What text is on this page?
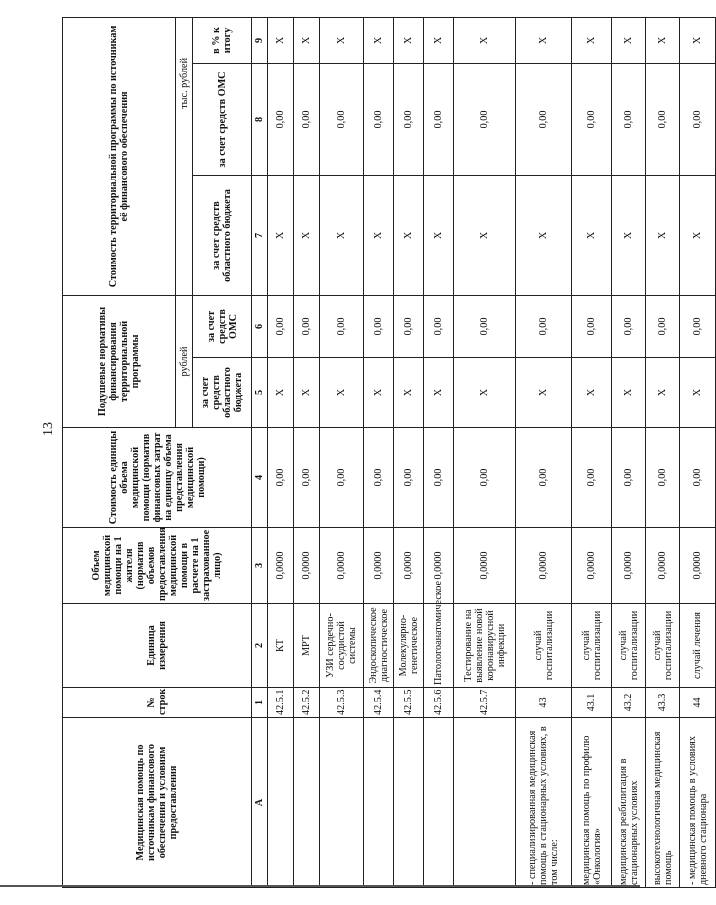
13
Медицинская помощь по источникам финансового обеспечения и условиям предоставления	№ строк	Единица измерения	Объем медицинской помощи на 1 жителя (норматив объемов предоставления медицинской помощи в расчете на 1 застрахованное лицо)	Стоимость единицы объема медицинской помощи (норматив финансовых затрат на единицу объема представления медицинской помощи)	Подушевые нормативы финансирования территориальной программы		Стоимость территориальной программы по источникам её финансового обеспечения		
					рублей		тыс. рублей		
					за счет средств областного бюджета	за счет средств ОМС	за счет средств областного бюджета	за счет средств ОМС	в % к итогу
А	1	2	3	4	5	6	7	8	9
	42.5.1	КТ	0,0000	0,00	Х	0,00	Х	0,00	Х
	42.5.2	МРТ	0,0000	0,00	Х	0,00	Х	0,00	Х
	42.5.3	УЗИ сердечно-сосудистой системы	0,0000	0,00	Х	0,00	Х	0,00	Х
	42.5.4	Эндоскопическое диагностическое	0,0000	0,00	Х	0,00	Х	0,00	Х
	42.5.5	Молекулярно-генетическое	0,0000	0,00	Х	0,00	Х	0,00	Х
	42.5.6	Патологоанатомическое	0,0000	0,00	Х	0,00	Х	0,00	Х
	42.5.7	Тестирование на выявление новой коронавирусной инфекции	0,0000	0,00	Х	0,00	Х	0,00	Х
- специализированная медицинская помощь в стационарных условиях, в том числе:	43	случай госпитализации	0,0000	0,00	Х	0,00	Х	0,00	Х
медицинская помощь по профилю «Онкология»	43.1	случай госпитализации	0,0000	0,00	Х	0,00	Х	0,00	Х
медицинская реабилитация в стационарных условиях	43.2	случай госпитализации	0,0000	0,00	Х	0,00	Х	0,00	Х
высокотехнологичная медицинская помощь	43.3	случай госпитализации	0,0000	0,00	Х	0,00	Х	0,00	Х
- медицинская помощь в условиях дневного стационара	44	случай лечения	0,0000	0,00	Х	0,00	Х	0,00	Х
